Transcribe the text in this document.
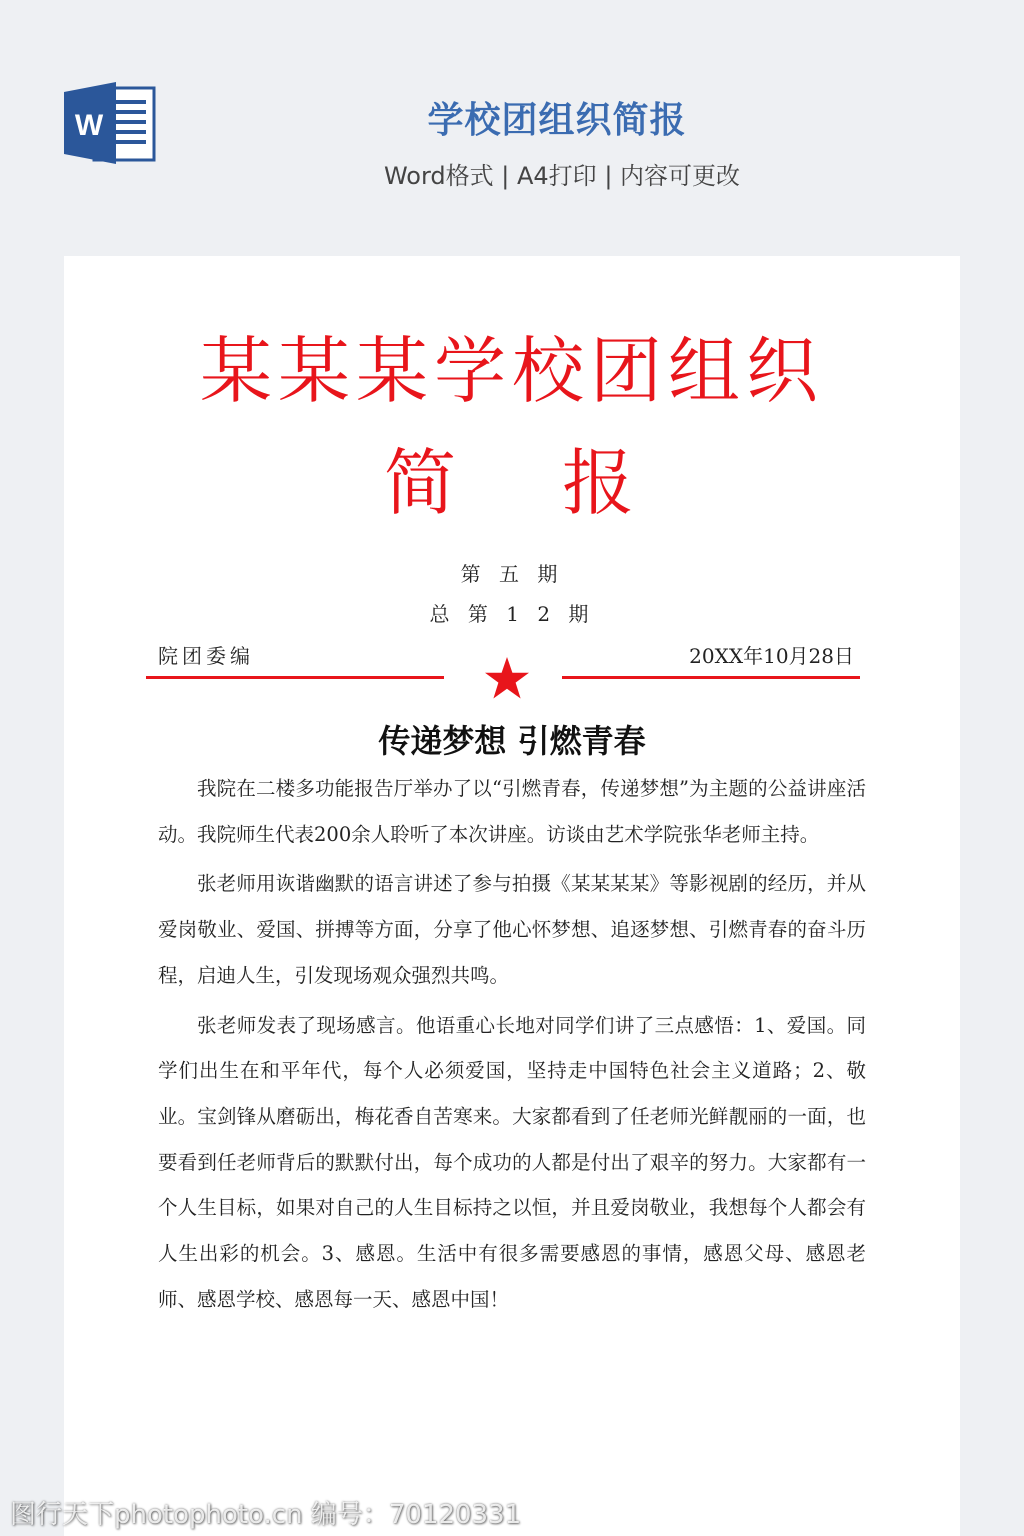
W	学校团组织简报
Word格式 | A4打印 | 内容可更改
某某某学校团组织
简 报
第 五 期
总 第 1 2 期
院团委编	20XX年10月28日
传递梦想 引燃青春

我院在二楼多功能报告厅举办了以“引燃青春，传递梦想”为主题的公益讲座活动。我院师生代表200余人聆听了本次讲座。访谈由艺术学院张华老师主持。

张老师用诙谐幽默的语言讲述了参与拍摄《某某某某》等影视剧的经历，并从爱岗敬业、爱国、拼搏等方面，分享了他心怀梦想、追逐梦想、引燃青春的奋斗历程，启迪人生，引发现场观众强烈共鸣。

张老师发表了现场感言。他语重心长地对同学们讲了三点感悟：1、爱国。同学们出生在和平年代，每个人必须爱国，坚持走中国特色社会主义道路；2、敬业。宝剑锋从磨砺出，梅花香自苦寒来。大家都看到了任老师光鲜靓丽的一面，也要看到任老师背后的默默付出，每个成功的人都是付出了艰辛的努力。大家都有一个人生目标，如果对自己的人生目标持之以恒，并且爱岗敬业，我想每个人都会有人生出彩的机会。3、感恩。生活中有很多需要感恩的事情，感恩父母、感恩老师、感恩学校、感恩每一天、感恩中国！

图行天下photophoto.cn 编号：70120331
